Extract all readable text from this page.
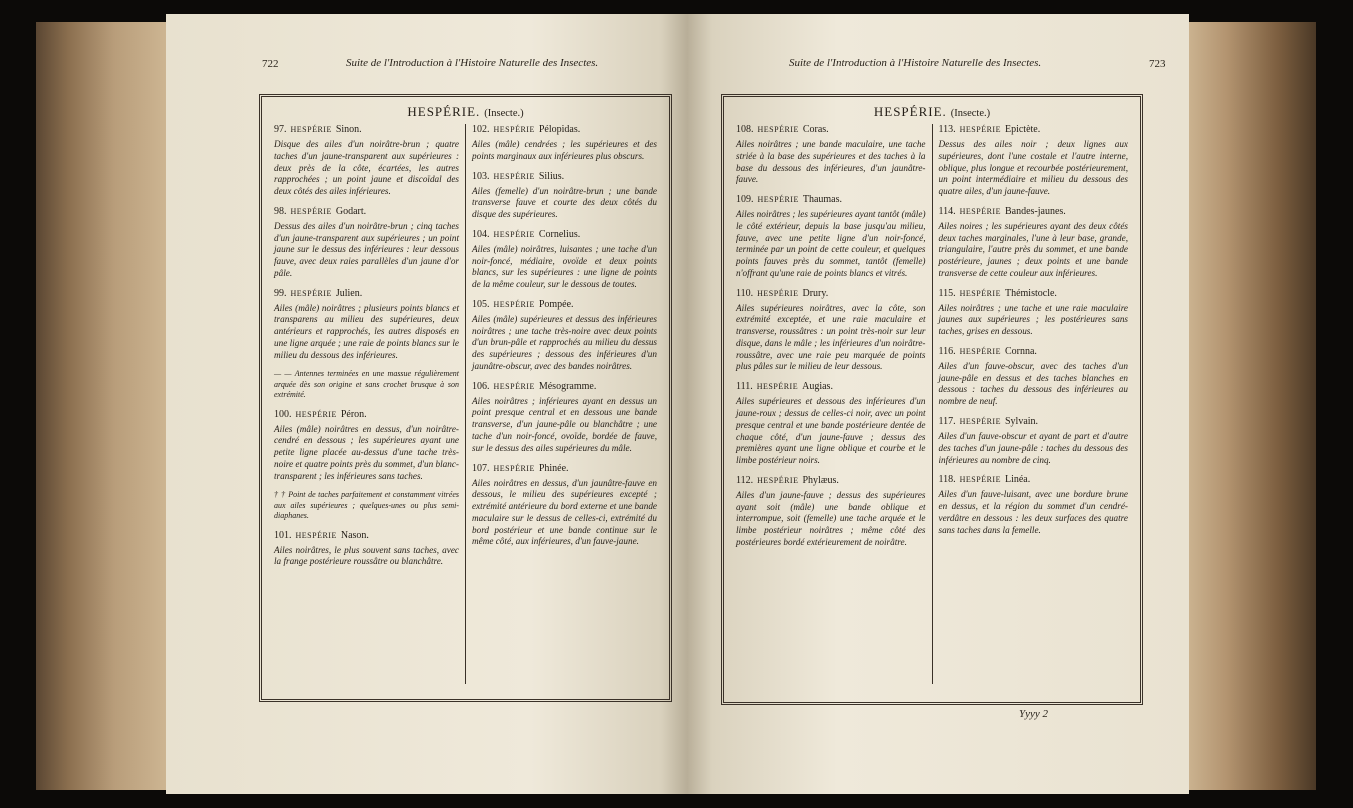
722	Suite de l'Introduction à l'Histoire Naturelle des Insectes.
HESPÉRIE. (Insecte.)
97. HESPÉRIE Sinon.

Disque des ailes d'un noirâtre-brun ; quatre taches d'un jaune-transparent aux supérieures : deux près de la côte, écartées, les autres rapprochées ; un point jaune et discoïdal des deux côtés des ailes inférieures.

98. HESPÉRIE Godart.

Dessus des ailes d'un noirâtre-brun ; cinq taches d'un jaune-transparent aux supérieures ; un point jaune sur le dessus des inférieures : leur dessous fauve, avec deux raies parallèles d'un jaune d'or pâle.

99. HESPÉRIE Julien.

Ailes (mâle) noirâtres ; plusieurs points blancs et transparens au milieu des supérieures, deux antérieurs et rapprochés, les autres disposés en une ligne arquée ; une raie de points blancs sur le milieu du dessous des inférieures.

— — Antennes terminées en une massue régulièrement arquée dès son origine et sans crochet brusque à son extrémité.

100. HESPÉRIE Péron.

Ailes (mâle) noirâtres en dessus, d'un noirâtre-cendré en dessous ; les supérieures ayant une petite ligne placée au-dessus d'une tache très-noire et quatre points près du sommet, d'un blanc-transparent ; les inférieures sans taches.

† † Point de taches parfaitement et constamment vitrées aux ailes supérieures ; quelques-unes ou plus semi-diaphanes.

101. HESPÉRIE Nason.

Ailes noirâtres, le plus souvent sans taches, avec la frange postérieure roussâtre ou blanchâtre.

102. HESPÉRIE Pélopidas.

Ailes (mâle) cendrées ; les supérieures et des points marginaux aux inférieures plus obscurs.

103. HESPÉRIE Silius.

Ailes (femelle) d'un noirâtre-brun ; une bande transverse fauve et courte des deux côtés du disque des supérieures.

104. HESPÉRIE Cornelius.

Ailes (mâle) noirâtres, luisantes ; une tache d'un noir-foncé, médiaire, ovoïde et deux points blancs, sur les supérieures : une ligne de points de la même couleur, sur le dessous de toutes.

105. HESPÉRIE Pompée.

Ailes (mâle) supérieures et dessus des inférieures noirâtres ; une tache très-noire avec deux points d'un brun-pâle et rapprochés au milieu du dessus des supérieures ; dessous des inférieures d'un jaunâtre-obscur, avec des bandes noirâtres.

106. HESPÉRIE Mésogramme.

Ailes noirâtres ; inférieures ayant en dessus un point presque central et en dessous une bande transverse, d'un jaune-pâle ou blanchâtre ; une tache d'un noir-foncé, ovoïde, bordée de fauve, sur le dessus des ailes supérieures du mâle.

107. HESPÉRIE Phinée.

Ailes noirâtres en dessus, d'un jaunâtre-fauve en dessous, le milieu des supérieures excepté ; extrémité antérieure du bord externe et une bande maculaire sur le dessus de celles-ci, extrémité du bord postérieur et une bande continue sur le même côté, aux inférieures, d'un fauve-jaune.

Suite de l'Introduction à l'Histoire Naturelle des Insectes.	723
HESPÉRIE. (Insecte.)
108. HESPÉRIE Coras.

Ailes noirâtres ; une bande maculaire, une tache striée à la base des supérieures et des taches à la base du dessous des inférieures, d'un jaunâtre-fauve.

109. HESPÉRIE Thaumas.

Ailes noirâtres ; les supérieures ayant tantôt (mâle) le côté extérieur, depuis la base jusqu'au milieu, fauve, avec une petite ligne d'un noir-foncé, terminée par un point de cette couleur, et quelques points fauves près du sommet, tantôt (femelle) n'offrant qu'une raie de points blancs et vitrés.

110. HESPÉRIE Drury.

Ailes supérieures noirâtres, avec la côte, son extrémité exceptée, et une raie maculaire et transverse, roussâtres : un point très-noir sur leur disque, dans le mâle ; les inférieures d'un noirâtre-roussâtre, avec une raie peu marquée de points plus pâles sur le milieu de leur dessous.

111. HESPÉRIE Augias.

Ailes supérieures et dessous des inférieures d'un jaune-roux ; dessus de celles-ci noir, avec un point presque central et une bande postérieure dentée de chaque côté, d'un jaune-fauve ; dessus des premières ayant une ligne oblique et courbe et le limbe postérieur noirs.

112. HESPÉRIE Phylæus.

Ailes d'un jaune-fauve ; dessus des supérieures ayant soit (mâle) une bande oblique et interrompue, soit (femelle) une tache arquée et le limbe postérieur noirâtres ; même côté des postérieures bordé extérieurement de noirâtre.

113. HESPÉRIE Epictète.

Dessus des ailes noir ; deux lignes aux supérieures, dont l'une costale et l'autre interne, oblique, plus longue et recourbée postérieurement, un point intermédiaire et milieu du dessous des quatre ailes, d'un jaune-fauve.

114. HESPÉRIE Bandes-jaunes.

Ailes noires ; les supérieures ayant des deux côtés deux taches marginales, l'une à leur base, grande, triangulaire, l'autre près du sommet, et une bande postérieure, jaunes ; deux points et une bande transverse de cette couleur aux inférieures.

115. HESPÉRIE Thémistocle.

Ailes noirâtres ; une tache et une raie maculaire jaunes aux supérieures ; les postérieures sans taches, grises en dessous.

116. HESPÉRIE Cornna.

Ailes d'un fauve-obscur, avec des taches d'un jaune-pâle en dessus et des taches blanches en dessous : taches du dessous des inférieures au nombre de neuf.

117. HESPÉRIE Sylvain.

Ailes d'un fauve-obscur et ayant de part et d'autre des taches d'un jaune-pâle : taches du dessous des inférieures au nombre de cinq.

118. HESPÉRIE Linéa.

Ailes d'un fauve-luisant, avec une bordure brune en dessus, et la région du sommet d'un cendré-verdâtre en dessous : les deux surfaces des quatre sans taches dans la femelle.

Yyyy 2
